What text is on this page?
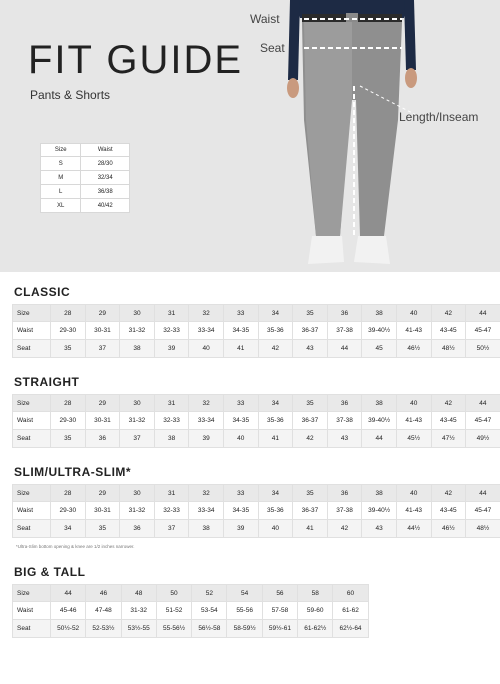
FIT GUIDE
Pants & Shorts
Size	Waist
S	28/30
M	32/34
L	36/38
XL	40/42
Waist
Seat
Length/Inseam
CLASSIC
Size	28	29	30	31	32	33	34	35	36	38	40	42	44
Waist	29-30	30-31	31-32	32-33	33-34	34-35	35-36	36-37	37-38	39-40½	41-43	43-45	45-47
Seat	35	37	38	39	40	41	42	43	44	45	46½	48½	50½
STRAIGHT
Size	28	29	30	31	32	33	34	35	36	38	40	42	44
Waist	29-30	30-31	31-32	32-33	33-34	34-35	35-36	36-37	37-38	39-40½	41-43	43-45	45-47
Seat	35	36	37	38	39	40	41	42	43	44	45½	47½	49½
SLIM/ULTRA-SLIM*
Size	28	29	30	31	32	33	34	35	36	38	40	42	44
Waist	29-30	30-31	31-32	32-33	33-34	34-35	35-36	36-37	37-38	39-40½	41-43	43-45	45-47
Seat	34	35	36	37	38	39	40	41	42	43	44½	46½	48½
*Ultra-Slim bottom opening & knee are 1/2 inches narrower.
BIG & TALL
Size	44	46	48	50	52	54	56	58	60
Waist	45-46	47-48	31-32	51-52	53-54	55-56	57-58	59-60	61-62
Seat	50½-52	52-53½	53½-55	55-56½	56½-58	58-59½	59½-61	61-62½	62½-64
